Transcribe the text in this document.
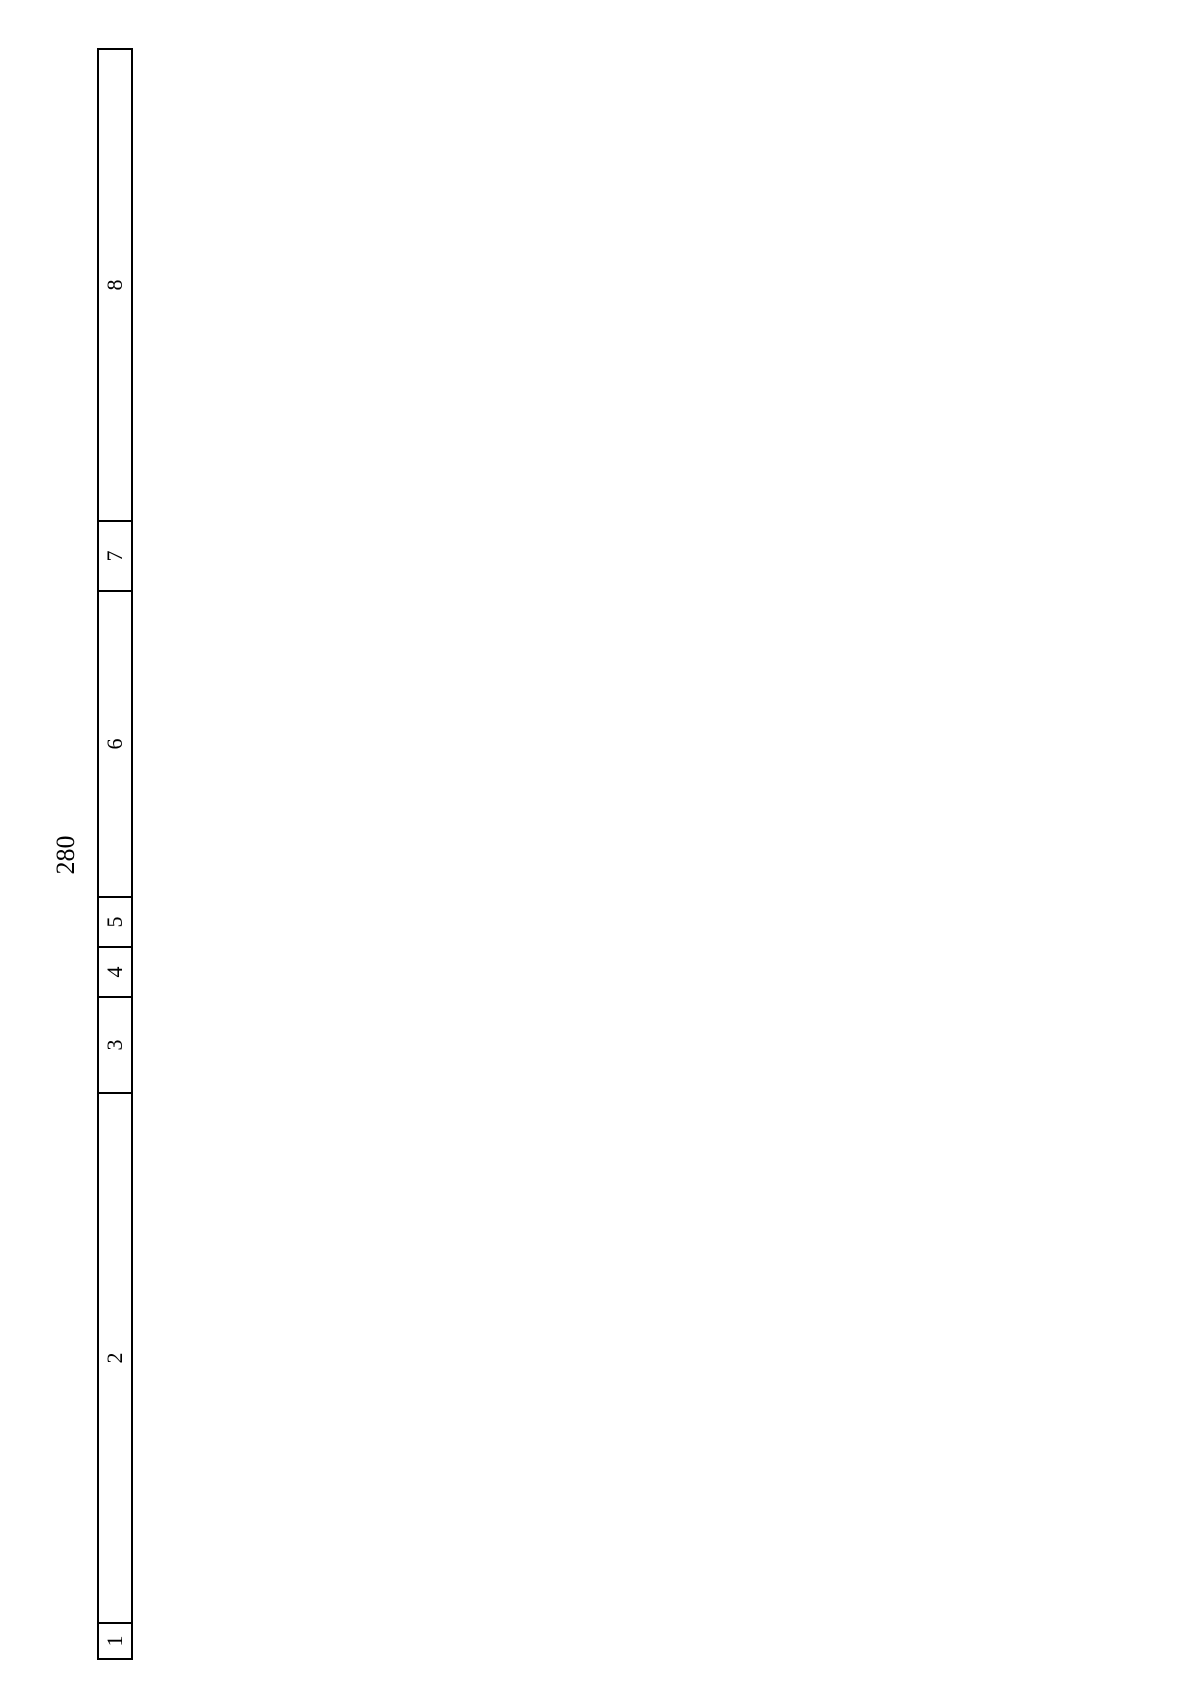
280
1	2	3	4	5	6	7	8
